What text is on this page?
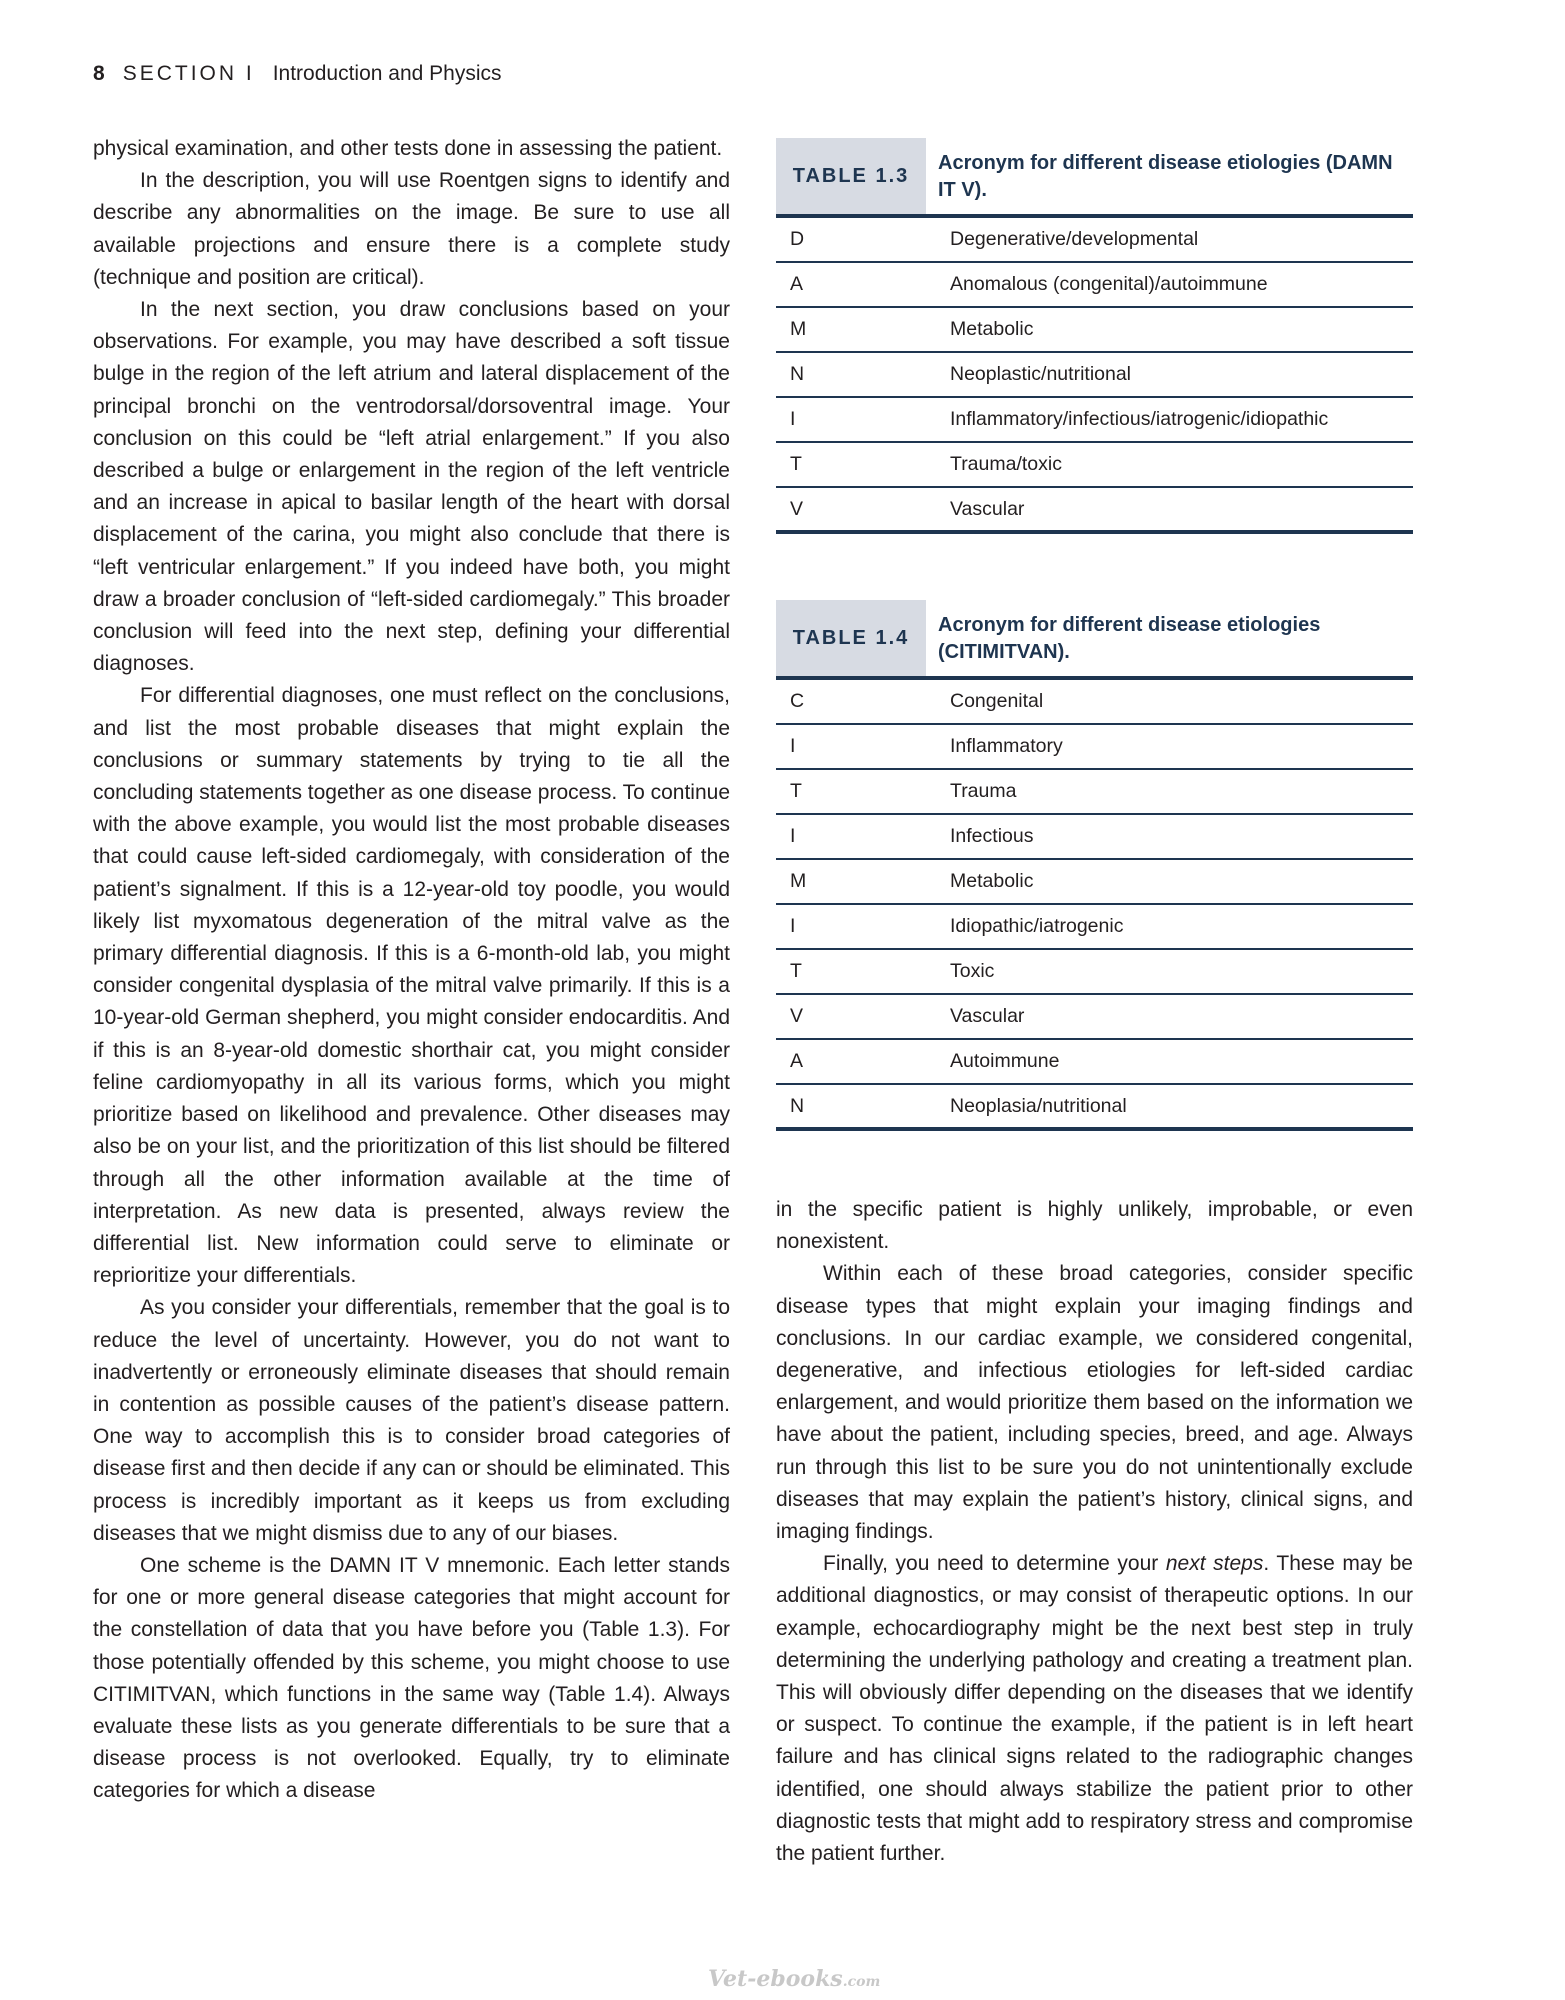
8 SECTION I Introduction and Physics

physical examination, and other tests done in assessing the patient.

In the description, you will use Roentgen signs to identify and describe any abnormalities on the image. Be sure to use all available projections and ensure there is a complete study (technique and position are critical).

In the next section, you draw conclusions based on your observations. For example, you may have described a soft tissue bulge in the region of the left atrium and lateral displacement of the principal bronchi on the ventrodorsal/dorsoventral image. Your conclusion on this could be “left atrial enlargement.” If you also described a bulge or enlargement in the region of the left ventricle and an increase in apical to basilar length of the heart with dorsal displacement of the carina, you might also conclude that there is “left ventricular enlargement.” If you indeed have both, you might draw a broader conclusion of “left-sided cardiomegaly.” This broader conclusion will feed into the next step, defining your differential diagnoses.

For differential diagnoses, one must reflect on the conclusions, and list the most probable diseases that might explain the conclusions or summary statements by trying to tie all the concluding statements together as one disease process. To continue with the above example, you would list the most probable diseases that could cause left-sided cardiomegaly, with consideration of the patient’s signalment. If this is a 12-year-old toy poodle, you would likely list myxomatous degeneration of the mitral valve as the primary differential diagnosis. If this is a 6-month-old lab, you might consider congenital dysplasia of the mitral valve primarily. If this is a 10-year-old German shepherd, you might consider endocarditis. And if this is an 8-year-old domestic shorthair cat, you might consider feline cardiomyopathy in all its various forms, which you might prioritize based on likelihood and prevalence. Other diseases may also be on your list, and the prioritization of this list should be filtered through all the other information available at the time of interpretation. As new data is presented, always review the differential list. New information could serve to eliminate or reprioritize your differentials.

As you consider your differentials, remember that the goal is to reduce the level of uncertainty. However, you do not want to inadvertently or erroneously eliminate diseases that should remain in contention as possible causes of the patient’s disease pattern. One way to accomplish this is to consider broad categories of disease first and then decide if any can or should be eliminated. This process is incredibly important as it keeps us from excluding diseases that we might dismiss due to any of our biases.

One scheme is the DAMN IT V mnemonic. Each letter stands for one or more general disease categories that might account for the constellation of data that you have before you (Table 1.3). For those potentially offended by this scheme, you might choose to use CITIMITVAN, which functions in the same way (Table 1.4). Always evaluate these lists as you generate differentials to be sure that a disease process is not overlooked. Equally, try to eliminate categories for which a disease

TABLE 1.3
Acronym for different disease etiologies (DAMN IT V).
D	Degenerative/developmental
A	Anomalous (congenital)/autoimmune
M	Metabolic
N	Neoplastic/nutritional
I	Inflammatory/infectious/iatrogenic/idiopathic
T	Trauma/toxic
V	Vascular
TABLE 1.4
Acronym for different disease etiologies (CITIMITVAN).
C	Congenital
I	Inflammatory
T	Trauma
I	Infectious
M	Metabolic
I	Idiopathic/iatrogenic
T	Toxic
V	Vascular
A	Autoimmune
N	Neoplasia/nutritional

in the specific patient is highly unlikely, improbable, or even nonexistent.

Within each of these broad categories, consider specific disease types that might explain your imaging findings and conclusions. In our cardiac example, we considered congenital, degenerative, and infectious etiologies for left-sided cardiac enlargement, and would prioritize them based on the information we have about the patient, including species, breed, and age. Always run through this list to be sure you do not unintentionally exclude diseases that may explain the patient’s history, clinical signs, and imaging findings.

Finally, you need to determine your next steps. These may be additional diagnostics, or may consist of therapeutic options. In our example, echocardiography might be the next best step in truly determining the underlying pathology and creating a treatment plan. This will obviously differ depending on the diseases that we identify or suspect. To continue the example, if the patient is in left heart failure and has clinical signs related to the radiographic changes identified, one should always stabilize the patient prior to other diagnostic tests that might add to respiratory stress and compromise the patient further.

Vet-ebooks.com
